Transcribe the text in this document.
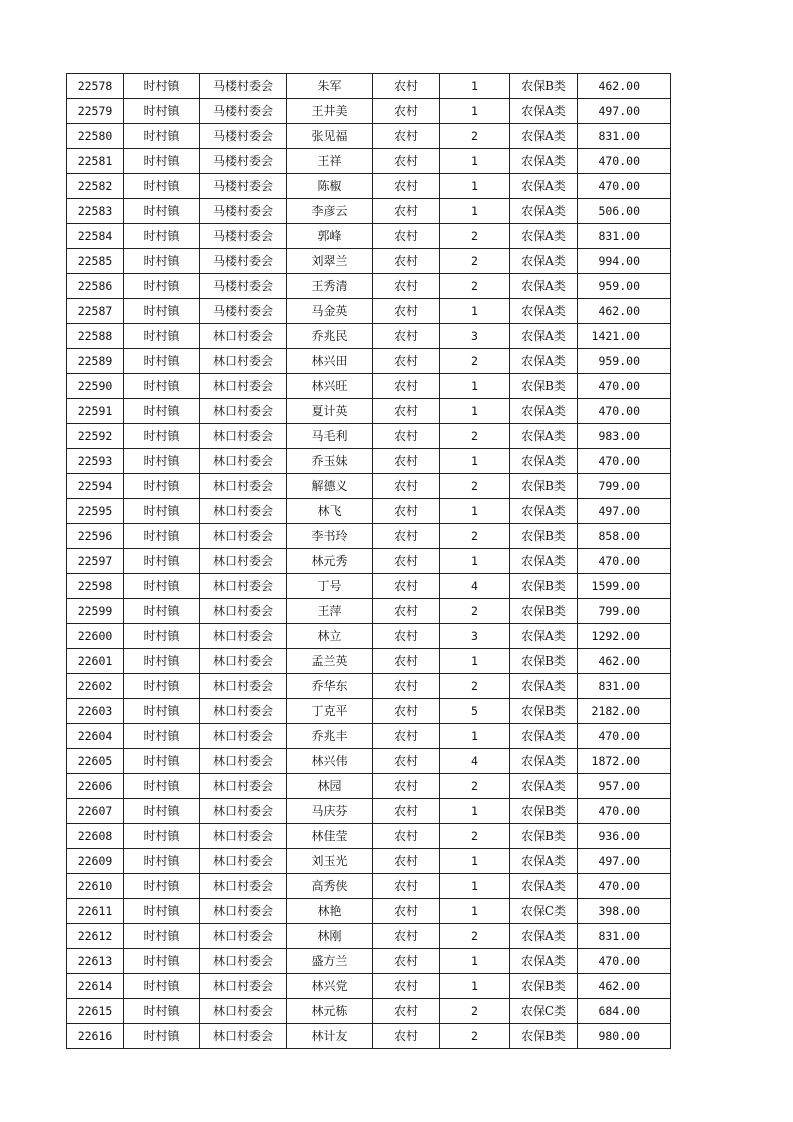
22578	时村镇	马楼村委会	朱军	农村	1	农保B类	462.00
22579	时村镇	马楼村委会	王井美	农村	1	农保A类	497.00
22580	时村镇	马楼村委会	张见福	农村	2	农保A类	831.00
22581	时村镇	马楼村委会	王祥	农村	1	农保A类	470.00
22582	时村镇	马楼村委会	陈椒	农村	1	农保A类	470.00
22583	时村镇	马楼村委会	李彦云	农村	1	农保A类	506.00
22584	时村镇	马楼村委会	郭峰	农村	2	农保A类	831.00
22585	时村镇	马楼村委会	刘翠兰	农村	2	农保A类	994.00
22586	时村镇	马楼村委会	王秀清	农村	2	农保A类	959.00
22587	时村镇	马楼村委会	马金英	农村	1	农保A类	462.00
22588	时村镇	林口村委会	乔兆民	农村	3	农保A类	1421.00
22589	时村镇	林口村委会	林兴田	农村	2	农保A类	959.00
22590	时村镇	林口村委会	林兴旺	农村	1	农保B类	470.00
22591	时村镇	林口村委会	夏计英	农村	1	农保A类	470.00
22592	时村镇	林口村委会	马毛利	农村	2	农保A类	983.00
22593	时村镇	林口村委会	乔玉妹	农村	1	农保A类	470.00
22594	时村镇	林口村委会	解德义	农村	2	农保B类	799.00
22595	时村镇	林口村委会	林飞	农村	1	农保A类	497.00
22596	时村镇	林口村委会	李书玲	农村	2	农保B类	858.00
22597	时村镇	林口村委会	林元秀	农村	1	农保A类	470.00
22598	时村镇	林口村委会	丁号	农村	4	农保B类	1599.00
22599	时村镇	林口村委会	王萍	农村	2	农保B类	799.00
22600	时村镇	林口村委会	林立	农村	3	农保A类	1292.00
22601	时村镇	林口村委会	孟兰英	农村	1	农保B类	462.00
22602	时村镇	林口村委会	乔华东	农村	2	农保A类	831.00
22603	时村镇	林口村委会	丁克平	农村	5	农保B类	2182.00
22604	时村镇	林口村委会	乔兆丰	农村	1	农保A类	470.00
22605	时村镇	林口村委会	林兴伟	农村	4	农保A类	1872.00
22606	时村镇	林口村委会	林园	农村	2	农保A类	957.00
22607	时村镇	林口村委会	马庆芬	农村	1	农保B类	470.00
22608	时村镇	林口村委会	林佳莹	农村	2	农保B类	936.00
22609	时村镇	林口村委会	刘玉光	农村	1	农保A类	497.00
22610	时村镇	林口村委会	高秀侠	农村	1	农保A类	470.00
22611	时村镇	林口村委会	林艳	农村	1	农保C类	398.00
22612	时村镇	林口村委会	林刚	农村	2	农保A类	831.00
22613	时村镇	林口村委会	盛方兰	农村	1	农保A类	470.00
22614	时村镇	林口村委会	林兴党	农村	1	农保B类	462.00
22615	时村镇	林口村委会	林元栋	农村	2	农保C类	684.00
22616	时村镇	林口村委会	林计友	农村	2	农保B类	980.00
